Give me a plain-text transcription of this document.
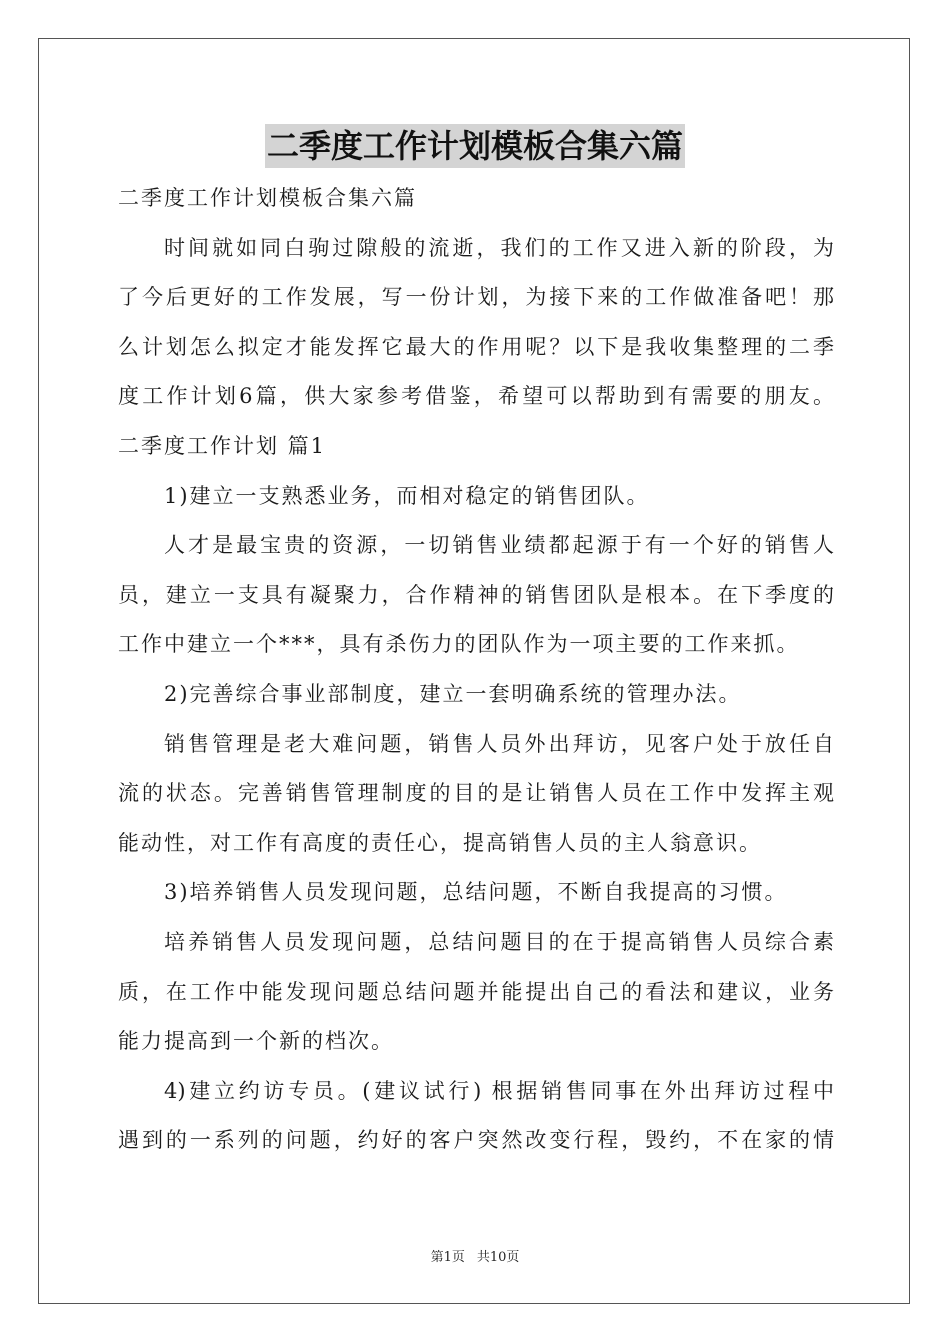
二季度工作计划模板合集六篇
二季度工作计划模板合集六篇
时间就如同白驹过隙般的流逝，我们的工作又进入新的阶段，为
了今后更好的工作发展，写一份计划，为接下来的工作做准备吧！那
么计划怎么拟定才能发挥它最大的作用呢？以下是我收集整理的二季
度工作计划6篇，供大家参考借鉴，希望可以帮助到有需要的朋友。
二季度工作计划 篇1
1)建立一支熟悉业务，而相对稳定的销售团队。
人才是最宝贵的资源，一切销售业绩都起源于有一个好的销售人
员，建立一支具有凝聚力，合作精神的销售团队是根本。在下季度的
工作中建立一个***，具有杀伤力的团队作为一项主要的工作来抓。
2)完善综合事业部制度，建立一套明确系统的管理办法。
销售管理是老大难问题，销售人员外出拜访，见客户处于放任自
流的状态。完善销售管理制度的目的是让销售人员在工作中发挥主观
能动性，对工作有高度的责任心，提高销售人员的主人翁意识。
3)培养销售人员发现问题，总结问题，不断自我提高的习惯。
培养销售人员发现问题，总结问题目的在于提高销售人员综合素
质，在工作中能发现问题总结问题并能提出自己的看法和建议，业务
能力提高到一个新的档次。
4)建立约访专员。(建议试行) 根据销售同事在外出拜访过程中
遇到的一系列的问题，约好的客户突然改变行程，毁约，不在家的情
第1页 共10页
